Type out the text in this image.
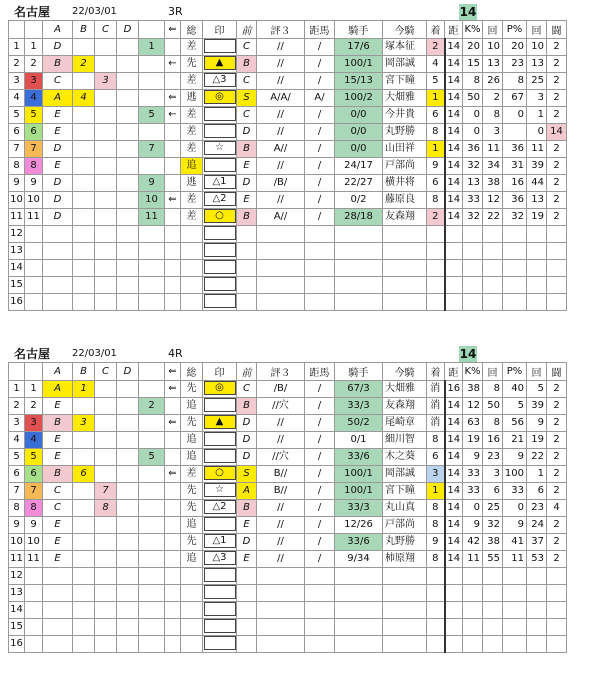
名古屋 22/03/01	3R	14
		A	B	C	D		⇐	総	印	前	評３	距馬	騎手	今騎	着	距	K%	回	P%	回	闘
1	1	D				1		差		C	//	/	17/6	塚本征	2	14	20	10	20	10	2
2	2	B	2				←	先	▲	B	//	/	100/1	岡部誠	4	14	15	13	23	13	2
3	3	C		3				差	△3	C	//	/	15/13	宮下瞳	5	14	8	26	8	25	2
4	4	A	4				⇐	逃	◎	S	A/A/	A/	100/2	大畑雅	1	14	50	2	67	3	2
5	5	E				5	←	差		C	//	/	0/0	今井貴	6	14	0	8	0	1	2
6	6	E						差		D	//	/	0/0	丸野勝	8	14	0	3		0	14
7	7	D				7		差	☆	B	A//	/	0/0	山田祥	1	14	36	11	36	11	2
8	8	E						追		E	//	/	24/17	戸部尚	9	14	32	34	31	39	2
9	9	D				9		逃	△1	D	/B/	/	22/27	横井将	6	14	13	38	16	44	2
10	10	D				10	⇐	差	△2	E	//	/	0/2	藤原良	8	14	33	12	36	13	2
11	11	D				11		差	○	B	A//	/	28/18	友森翔	2	14	32	22	32	19	2
12																					
13																					
14																					
15																					
16																					
名古屋 22/03/01	4R	14
		A	B	C	D		⇐	総	印	前	評３	距馬	騎手	今騎	着	距	K%	回	P%	回	闘
1	1	A	1				⇐	先	◎	C	/B/	/	67/3	大畑雅	消	16	38	8	40	5	2
2	2	E				2		追		B	//穴	/	33/3	友森翔	消	14	12	50	5	39	2
3	3	B	3				⇐	先	▲	D	//	/	50/2	尾崎章	消	14	63	8	56	9	2
4	4	E						追		D	//	/	0/1	細川智	8	14	19	16	21	19	2
5	5	E				5		追		D	//穴	/	33/6	木之葵	6	14	9	23	9	22	2
6	6	B	6				⇐	差	○	S	B//	/	100/1	岡部誠	3	14	33	3	100	1	2
7	7	C		7				先	☆	A	B//	/	100/1	宮下瞳	1	14	33	6	33	6	2
8	8	C		8				先	△2	B	//	/	33/3	丸山真	8	14	0	25	0	23	4
9	9	E						追		E	//	/	12/26	戸部尚	8	14	9	32	9	24	2
10	10	E						先	△1	D	//	/	33/6	丸野勝	9	14	42	38	41	37	2
11	11	E						追	△3	E	//	/	9/34	柿原翔	8	14	11	55	11	53	2
12																					
13																					
14																					
15																					
16																					
